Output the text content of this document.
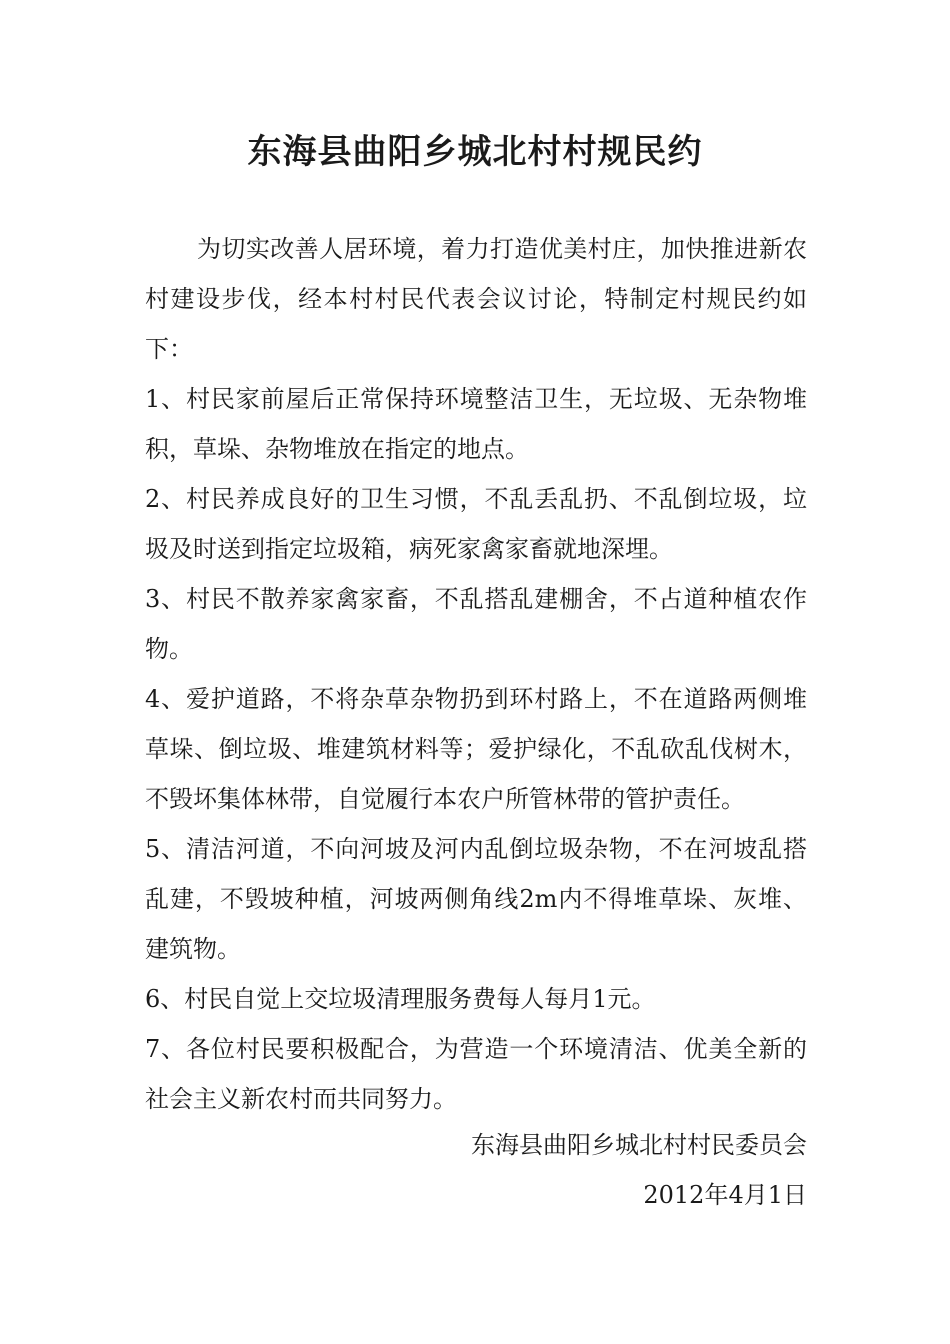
东海县曲阳乡城北村村规民约

为切实改善人居环境，着力打造优美村庄，加快推进新农村建设步伐，经本村村民代表会议讨论，特制定村规民约如下：

1、村民家前屋后正常保持环境整洁卫生，无垃圾、无杂物堆积，草垛、杂物堆放在指定的地点。

2、村民养成良好的卫生习惯，不乱丢乱扔、不乱倒垃圾，垃圾及时送到指定垃圾箱，病死家禽家畜就地深埋。

3、村民不散养家禽家畜，不乱搭乱建棚舍，不占道种植农作物。

4、爱护道路，不将杂草杂物扔到环村路上，不在道路两侧堆草垛、倒垃圾、堆建筑材料等；爱护绿化，不乱砍乱伐树木，不毁坏集体林带，自觉履行本农户所管林带的管护责任。

5、清洁河道，不向河坡及河内乱倒垃圾杂物，不在河坡乱搭乱建，不毁坡种植，河坡两侧角线2m内不得堆草垛、灰堆、建筑物。

6、村民自觉上交垃圾清理服务费每人每月1元。

7、各位村民要积极配合，为营造一个环境清洁、优美全新的社会主义新农村而共同努力。

东海县曲阳乡城北村村民委员会
2012年4月1日
